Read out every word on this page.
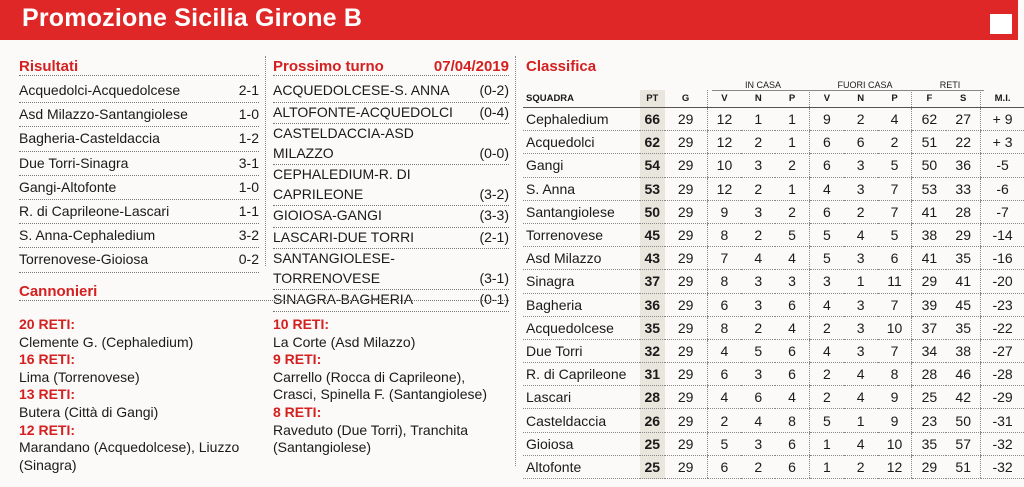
Promozione Sicilia Girone B
Risultati
Acquedolci-Acquedolcese	2-1
Asd Milazzo-Santangiolese	1-0
Bagheria-Casteldaccia	1-2
Due Torri-Sinagra	3-1
Gangi-Altofonte	1-0
R. di Caprileone-Lascari	1-1
S. Anna-Cephaledium	3-2
Torrenovese-Gioiosa	0-2
Prossimo turno	07/04/2019
ACQUEDOLCESE-S. ANNA (0-2)
ALTOFONTE-ACQUEDOLCI (0-4)
CASTELDACCIA-ASD MILAZZO	(0-0)
CEPHALEDIUM-R. DI CAPRILEONE	(3-2)
GIOIOSA-GANGI	(3-3)
LASCARI-DUE TORRI	(2-1)
SANTANGIOLESE-TORRENOVESE	(3-1)
SINAGRA-BAGHERIA	(0-1)
Cannonieri
20 RETI:
Clemente G. (Cephaledium)
16 RETI:
Lima (Torrenovese)
13 RETI:
Butera (Città di Gangi)
12 RETI:
Marandano (Acquedolcese), Liuzzo (Sinagra)
10 RETI:
La Corte (Asd Milazzo)
9 RETI:
Carrello (Rocca di Caprileone), Crasci, Spinella F. (Santangiolese)
8 RETI:
Raveduto (Due Torri), Tranchita (Santangiolese)
Classifica
IN CASA	FUORI CASA	RETI
SQUADRA	PT	G	V	N	P	V	N	P	F	S	M.I.
Cephaledium	66	29	12	1	1	9	2	4	62	27	+ 9
Acquedolci	62	29	12	2	1	6	6	2	51	22	+ 3
Gangi	54	29	10	3	2	6	3	5	50	36	-5
S. Anna	53	29	12	2	1	4	3	7	53	33	-6
Santangiolese	50	29	9	3	2	6	2	7	41	28	-7
Torrenovese	45	29	8	2	5	5	4	5	38	29	-14
Asd Milazzo	43	29	7	4	4	5	3	6	41	35	-16
Sinagra	37	29	8	3	3	3	1	11	29	41	-20
Bagheria	36	29	6	3	6	4	3	7	39	45	-23
Acquedolcese	35	29	8	2	4	2	3	10	37	35	-22
Due Torri	32	29	4	5	6	4	3	7	34	38	-27
R. di Caprileone	31	29	6	3	6	2	4	8	28	46	-28
Lascari	28	29	4	6	4	2	4	9	25	42	-29
Casteldaccia	26	29	2	4	8	5	1	9	23	50	-31
Gioiosa	25	29	5	3	6	1	4	10	35	57	-32
Altofonte	25	29	6	2	6	1	2	12	29	51	-32
